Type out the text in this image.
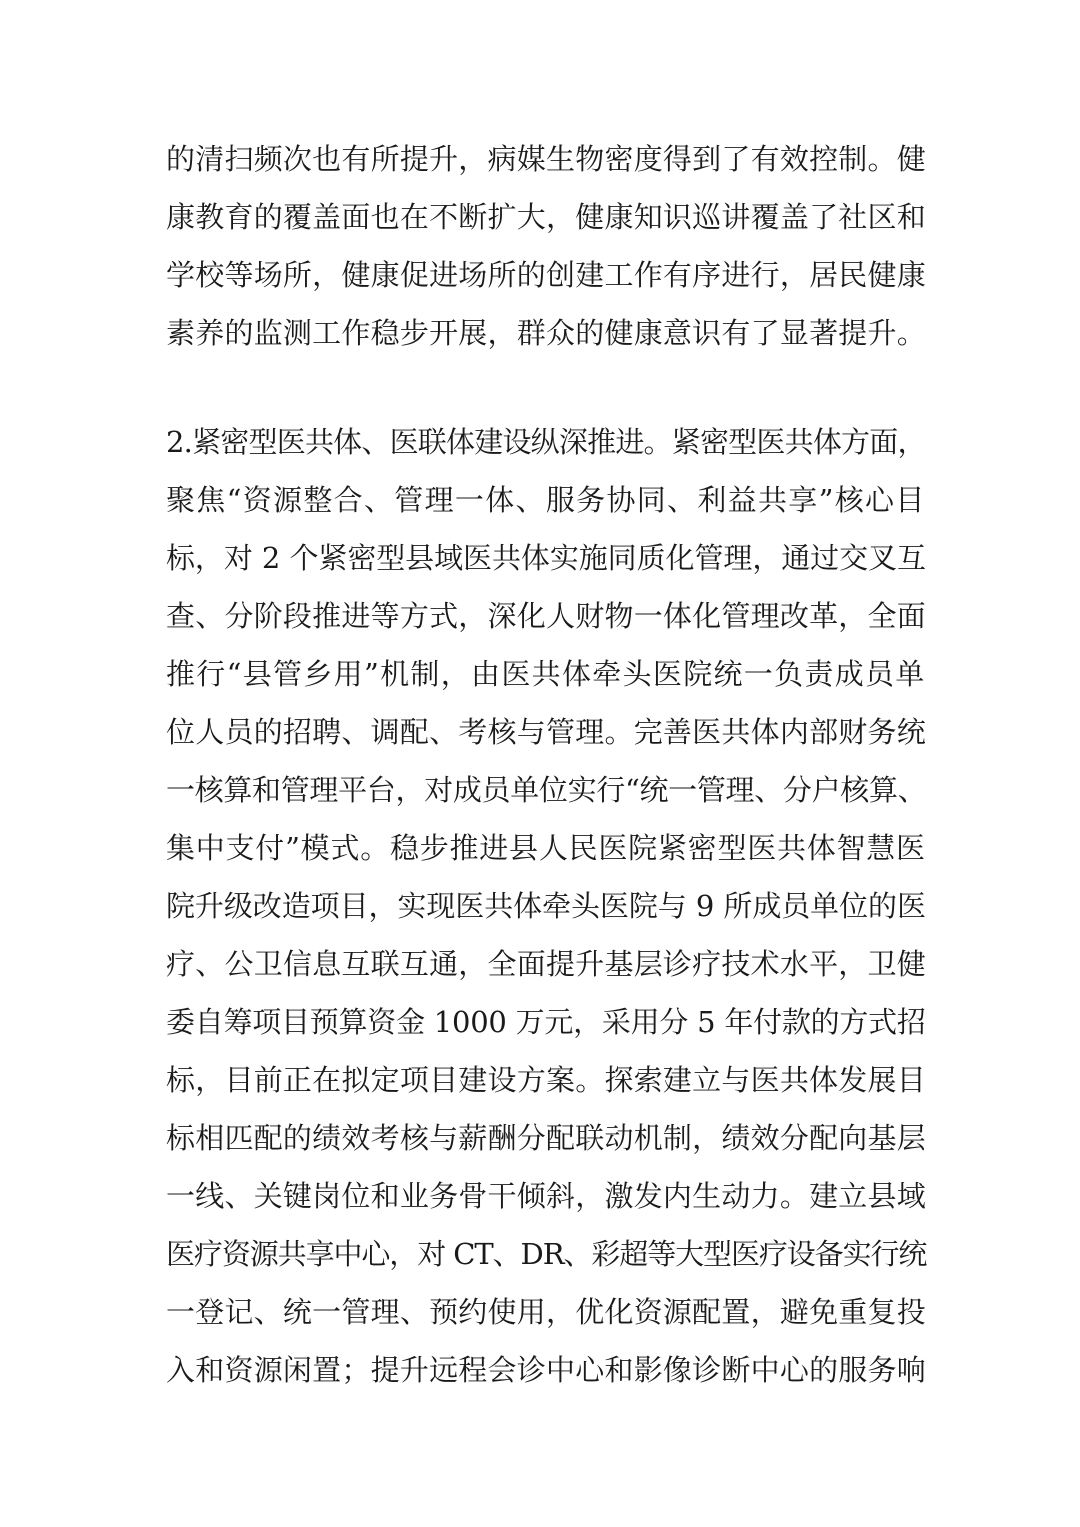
的清扫频次也有所提升，病媒生物密度得到了有效控制。健
康教育的覆盖面也在不断扩大，健康知识巡讲覆盖了社区和
学校等场所，健康促进场所的创建工作有序进行，居民健康
素养的监测工作稳步开展，群众的健康意识有了显著提升。
2.紧密型医共体、医联体建设纵深推进。紧密型医共体方面，
聚焦“资源整合、管理一体、服务协同、利益共享”核心目
标，对 2 个紧密型县域医共体实施同质化管理，通过交叉互
查、分阶段推进等方式，深化人财物一体化管理改革，全面
推行“县管乡用”机制，由医共体牵头医院统一负责成员单
位人员的招聘、调配、考核与管理。完善医共体内部财务统
一核算和管理平台，对成员单位实行“统一管理、分户核算、
集中支付”模式。稳步推进县人民医院紧密型医共体智慧医
院升级改造项目，实现医共体牵头医院与 9 所成员单位的医
疗、公卫信息互联互通，全面提升基层诊疗技术水平，卫健
委自筹项目预算资金 1000 万元，采用分 5 年付款的方式招
标，目前正在拟定项目建设方案。探索建立与医共体发展目
标相匹配的绩效考核与薪酬分配联动机制，绩效分配向基层
一线、关键岗位和业务骨干倾斜，激发内生动力。建立县域
医疗资源共享中心，对 CT、DR、彩超等大型医疗设备实行统
一登记、统一管理、预约使用，优化资源配置，避免重复投
入和资源闲置；提升远程会诊中心和影像诊断中心的服务响
